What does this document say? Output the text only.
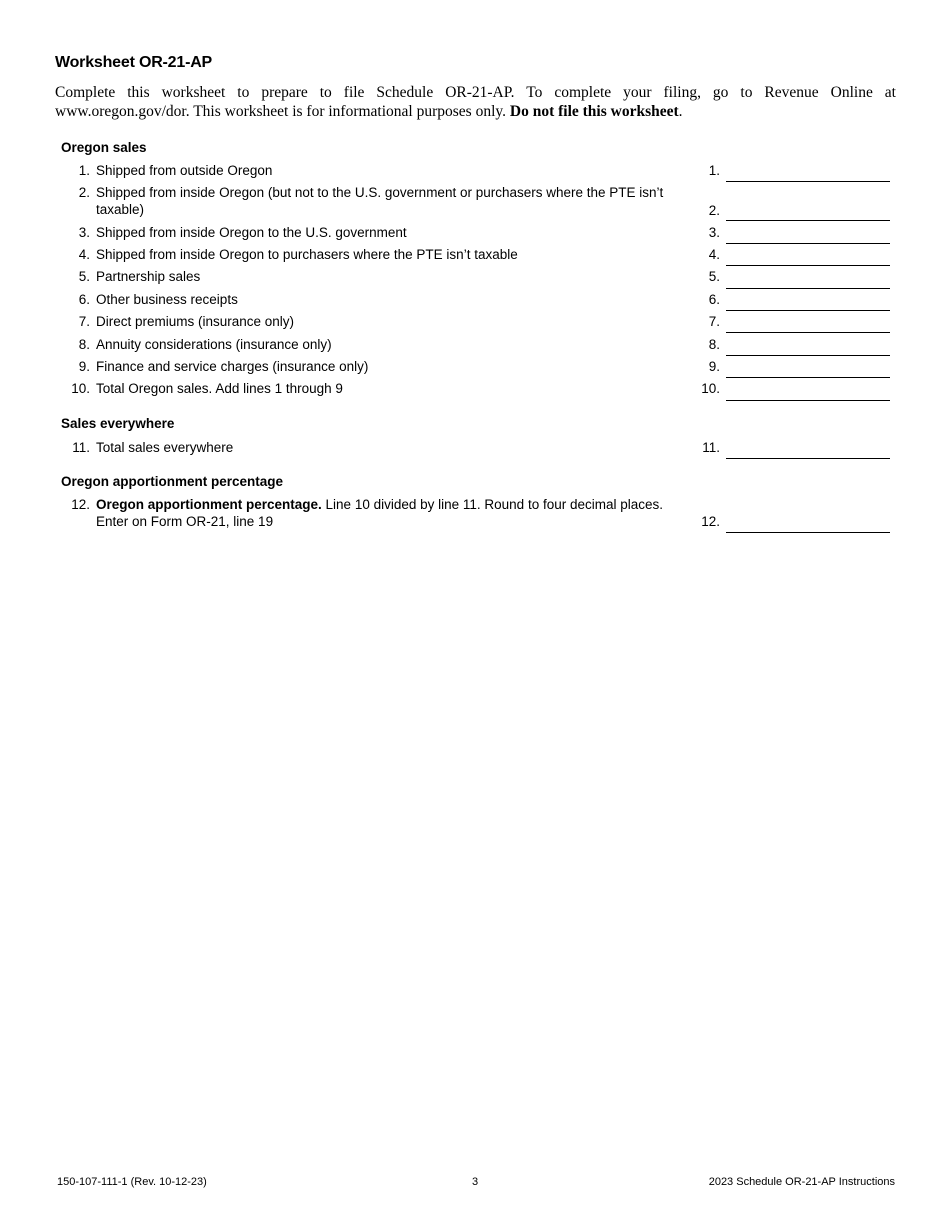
Worksheet OR-21-AP
Complete this worksheet to prepare to file Schedule OR-21-AP. To complete your filing, go to Revenue Online at www.oregon.gov/dor. This worksheet is for informational purposes only. Do not file this worksheet.
Oregon sales
1. Shipped from outside Oregon	1.
2. Shipped from inside Oregon (but not to the U.S. government or purchasers where the PTE isn’t taxable)	2.
3. Shipped from inside Oregon to the U.S. government	3.
4. Shipped from inside Oregon to purchasers where the PTE isn’t taxable	4.
5. Partnership sales	5.
6. Other business receipts	6.
7. Direct premiums (insurance only)	7.
8. Annuity considerations (insurance only)	8.
9. Finance and service charges (insurance only)	9.
10. Total Oregon sales. Add lines 1 through 9	10.
Sales everywhere
11. Total sales everywhere	11.
Oregon apportionment percentage
12. Oregon apportionment percentage. Line 10 divided by line 11. Round to four decimal places. Enter on Form OR-21, line 19	12.
150-107-111-1 (Rev. 10-12-23)	3	2023 Schedule OR-21-AP Instructions
